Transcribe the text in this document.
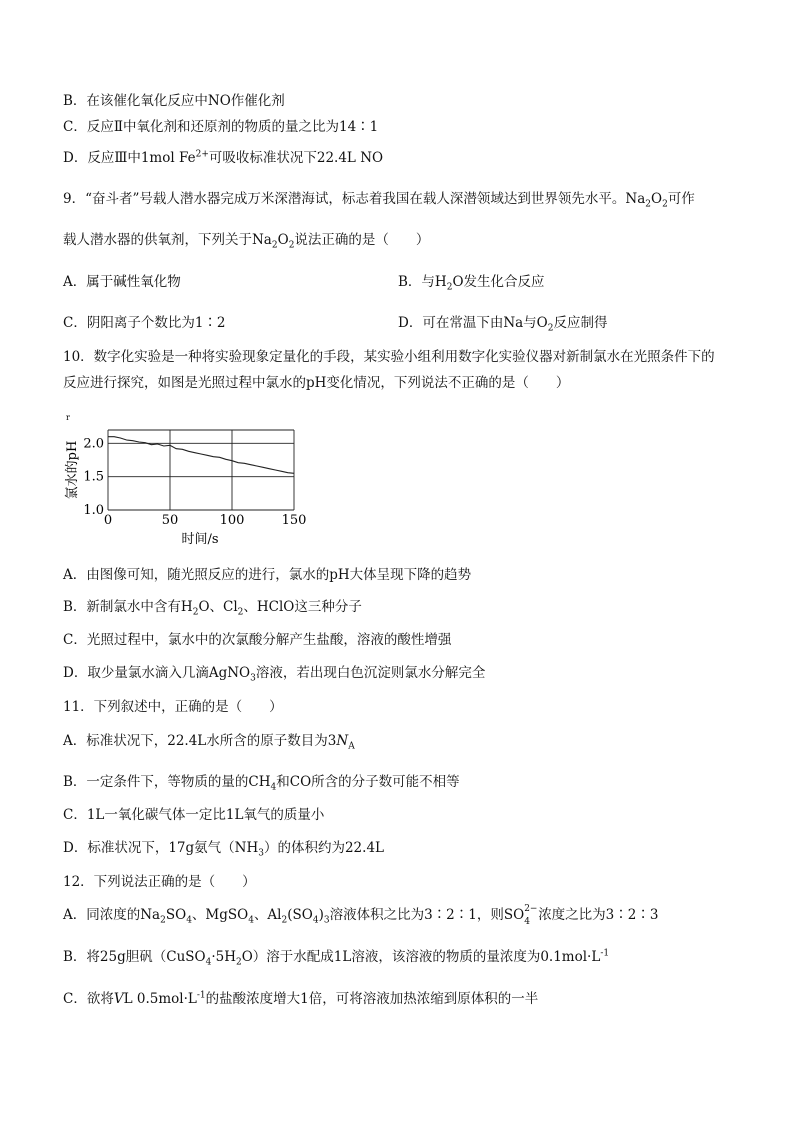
B．在该催化氧化反应中NO作催化剂
C．反应Ⅱ中氧化剂和还原剂的物质的量之比为14∶1
D．反应Ⅲ中1mol $Fe^{2+}$可吸收标准状况下22.4L NO
9．“奋斗者”号载人潜水器完成万米深潜海试，标志着我国在载人深潜领域达到世界领先水平。$Na_2O_2$可作
载人潜水器的供氧剂，下列关于$Na_2O_2$说法正确的是（　　）
A．属于碱性氧化物	B．与$H_2O$发生化合反应
C．阴阳离子个数比为1∶2	D．可在常温下由Na与$O_2$反应制得
10．数字化实验是一种将实验现象定量化的手段，某实验小组利用数字化实验仪器对新制氯水在光照条件下的
反应进行探究，如图是光照过程中氯水的pH变化情况，下列说法不正确的是（　　）
0	50	100	150
1.0
1.5
2.0
氯水的pH
时间/s
r
A．由图像可知，随光照反应的进行，氯水的pH大体呈现下降的趋势
B．新制氯水中含有$H_2O$、$Cl_2$、HClO这三种分子
C．光照过程中，氯水中的次氯酸分解产生盐酸，溶液的酸性增强
D．取少量氯水滴入几滴AgNO$_3$溶液，若出现白色沉淀则氯水分解完全
11．下列叙述中，正确的是（　　）
A．标准状况下，22.4L水所含的原子数目为$3N_A$
B．一定条件下，等物质的量的$CH_4$和CO所含的分子数可能不相等
C．1L一氧化碳气体一定比1L氧气的质量小
D．标准状况下，17g氨气$(NH_3)$的体积约为22.4L
12．下列说法正确的是（　　）
A．同浓度的$Na_2SO_4$、MgSO$_4$、$Al_2(SO_4)_3$溶液体积之比为3∶2∶1，则SO 2−
4 浓度之比为3∶2∶3
B．将25g胆矾$(CuSO_4\cdot 5H_2O)$溶于水配成1L溶液，该溶液的物质的量浓度为$0.1mol\cdot L^{-1}$
C．欲将VL $0.5mol\cdot L^{-1}$的盐酸浓度增大1倍，可将溶液加热浓缩到原体积的一半
